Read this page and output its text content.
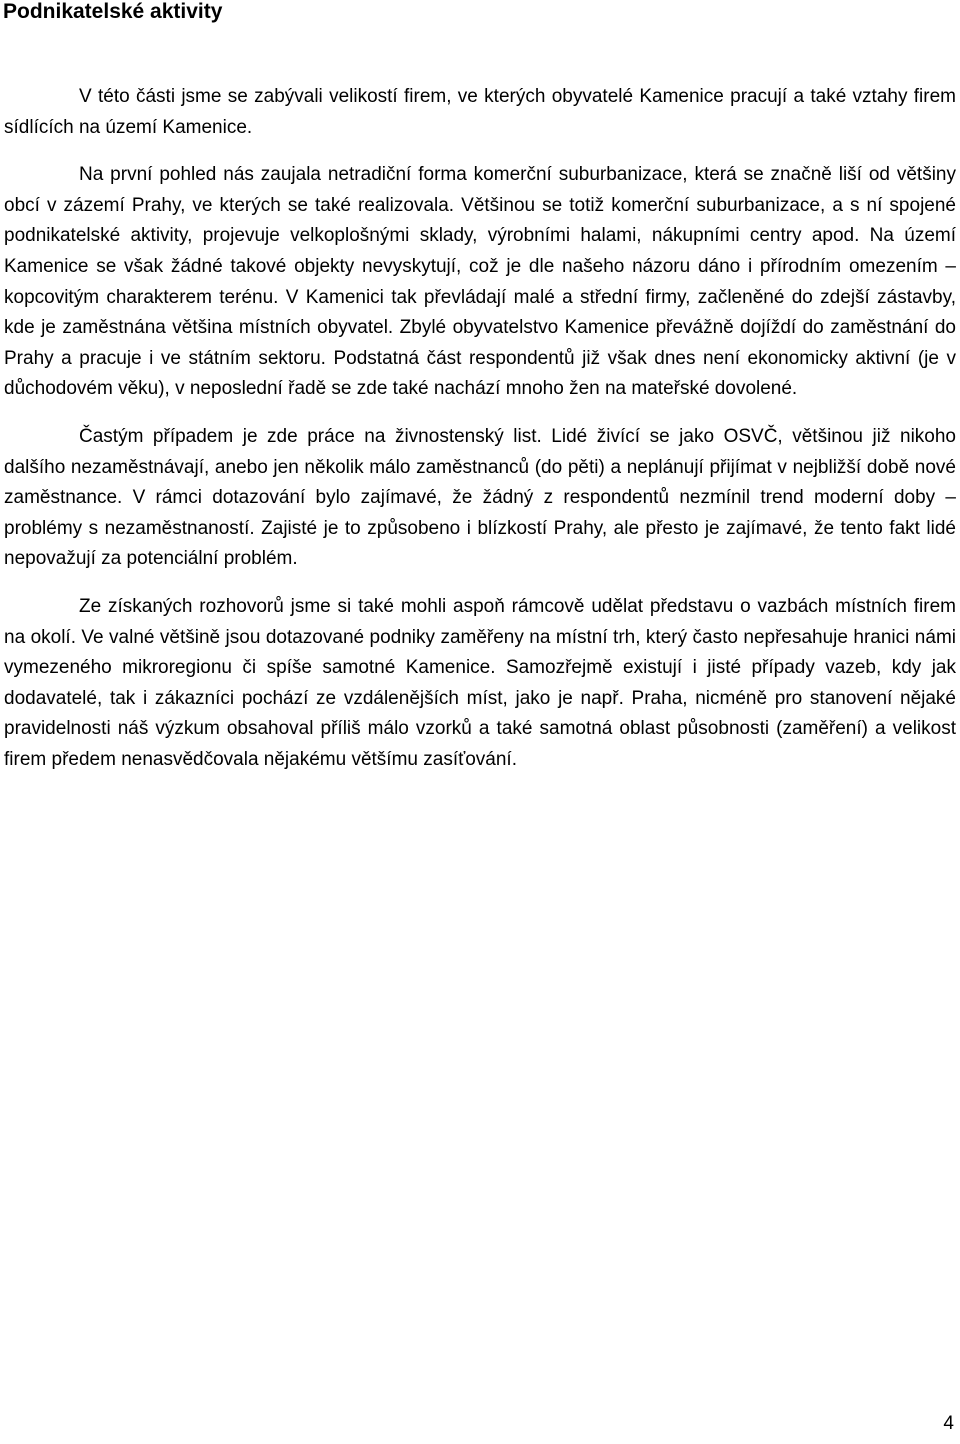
Podnikatelské aktivity

V této části jsme se zabývali velikostí firem, ve kterých obyvatelé Kamenice pracují a také vztahy firem sídlících na území Kamenice.

Na první pohled nás zaujala netradiční forma komerční suburbanizace, která se značně liší od většiny obcí v zázemí Prahy, ve kterých se také realizovala. Většinou se totiž komerční suburbanizace, a s ní spojené podnikatelské aktivity, projevuje velkoplošnými sklady, výrobními halami, nákupními centry apod. Na území Kamenice se však žádné takové objekty nevyskytují, což je dle našeho názoru dáno i přírodním omezením – kopcovitým charakterem terénu. V Kamenici tak převládají malé a střední firmy, začleněné do zdejší zástavby, kde je zaměstnána většina místních obyvatel. Zbylé obyvatelstvo Kamenice převážně dojíždí do zaměstnání do Prahy a pracuje i ve státním sektoru. Podstatná část respondentů již však dnes není ekonomicky aktivní (je v důchodovém věku), v neposlední řadě se zde také nachází mnoho žen na mateřské dovolené.

Častým případem je zde práce na živnostenský list. Lidé živící se jako OSVČ, většinou již nikoho dalšího nezaměstnávají, anebo jen několik málo zaměstnanců (do pěti) a neplánují přijímat v nejbližší době nové zaměstnance. V rámci dotazování bylo zajímavé, že žádný z respondentů nezmínil trend moderní doby – problémy s nezaměstnaností. Zajisté je to způsobeno i blízkostí Prahy, ale přesto je zajímavé, že tento fakt lidé nepovažují za potenciální problém.

Ze získaných rozhovorů jsme si také mohli aspoň rámcově udělat představu o vazbách místních firem na okolí. Ve valné většině jsou dotazované podniky zaměřeny na místní trh, který často nepřesahuje hranici námi vymezeného mikroregionu či spíše samotné Kamenice. Samozřejmě existují i jisté případy vazeb, kdy jak dodavatelé, tak i zákazníci pochází ze vzdálenějších míst, jako je např. Praha, nicméně pro stanovení nějaké pravidelnosti náš výzkum obsahoval příliš málo vzorků a také samotná oblast působnosti (zaměření) a velikost firem předem nenasvědčovala nějakému většímu zasíťování.

4
